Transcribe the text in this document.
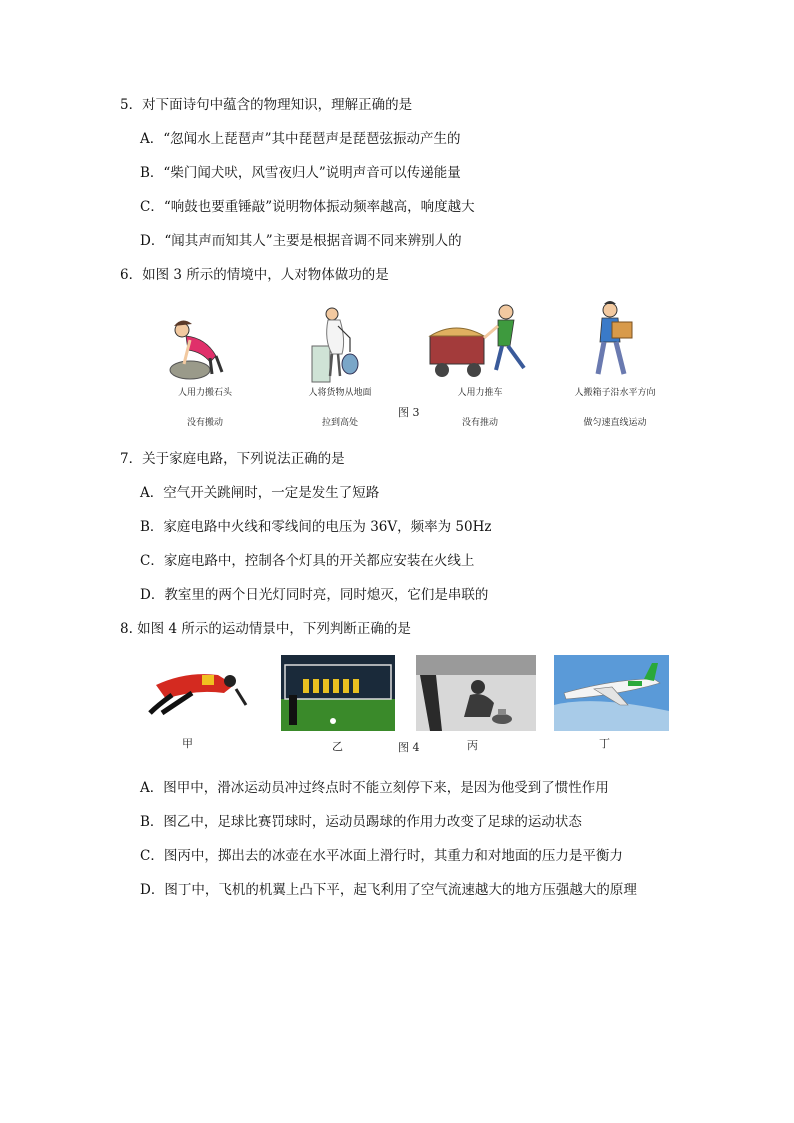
5．对下面诗句中蕴含的物理知识，理解正确的是
A．“忽闻水上琵琶声”其中琵琶声是琵琶弦振动产生的
B．“柴门闻犬吠，风雪夜归人”说明声音可以传递能量
C．“响鼓也要重锤敲”说明物体振动频率越高，响度越大
D．“闻其声而知其人”主要是根据音调不同来辨别人的
6．如图 3 所示的情境中，人对物体做功的是
人用力搬石头
没有搬动
人将货物从地面
拉到高处
人用力推车
没有推动
人搬箱子沿水平方向
做匀速直线运动
图 3
7．关于家庭电路，下列说法正确的是
A．空气开关跳闸时，一定是发生了短路
B．家庭电路中火线和零线间的电压为 36V，频率为 50Hz
C．家庭电路中，控制各个灯具的开关都应安装在火线上
D．教室里的两个日光灯同时亮，同时熄灭，它们是串联的
8. 如图 4 所示的运动情景中，下列判断正确的是
甲	乙	图 4	丙	丁
A．图甲中，滑冰运动员冲过终点时不能立刻停下来，是因为他受到了惯性作用
B．图乙中，足球比赛罚球时，运动员踢球的作用力改变了足球的运动状态
C．图丙中，掷出去的冰壶在水平冰面上滑行时，其重力和对地面的压力是平衡力
D．图丁中，飞机的机翼上凸下平，起飞利用了空气流速越大的地方压强越大的原理
